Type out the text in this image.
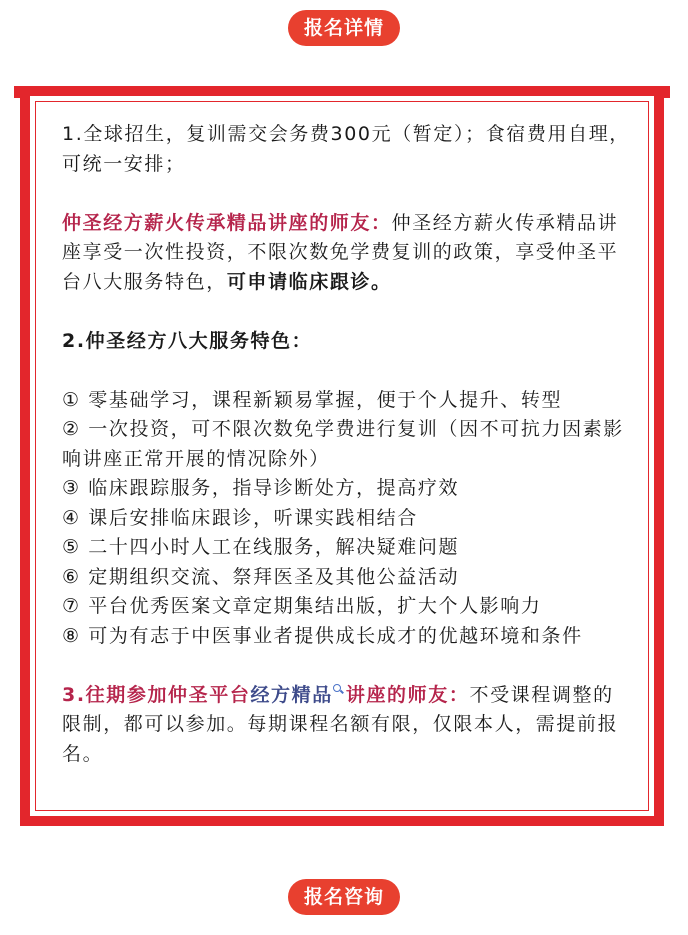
报名详情

1.全球招生，复训需交会务费300元（暂定）；食宿费用自理，可统一安排；

仲圣经方薪火传承精品讲座的师友：仲圣经方薪火传承精品讲座享受一次性投资，不限次数免学费复训的政策，享受仲圣平台八大服务特色，可申请临床跟诊。

2.仲圣经方八大服务特色：

① 零基础学习，课程新颖易掌握，便于个人提升、转型

② 一次投资，可不限次数免学费进行复训（因不可抗力因素影响讲座正常开展的情况除外）

③ 临床跟踪服务，指导诊断处方，提高疗效

④ 课后安排临床跟诊，听课实践相结合

⑤ 二十四小时人工在线服务，解决疑难问题

⑥ 定期组织交流、祭拜医圣及其他公益活动

⑦ 平台优秀医案文章定期集结出版，扩大个人影响力

⑧ 可为有志于中医事业者提供成长成才的优越环境和条件

3.往期参加仲圣平台经方精品 讲座的师友：不受课程调整的限制，都可以参加。每期课程名额有限，仅限本人，需提前报名。

报名咨询
